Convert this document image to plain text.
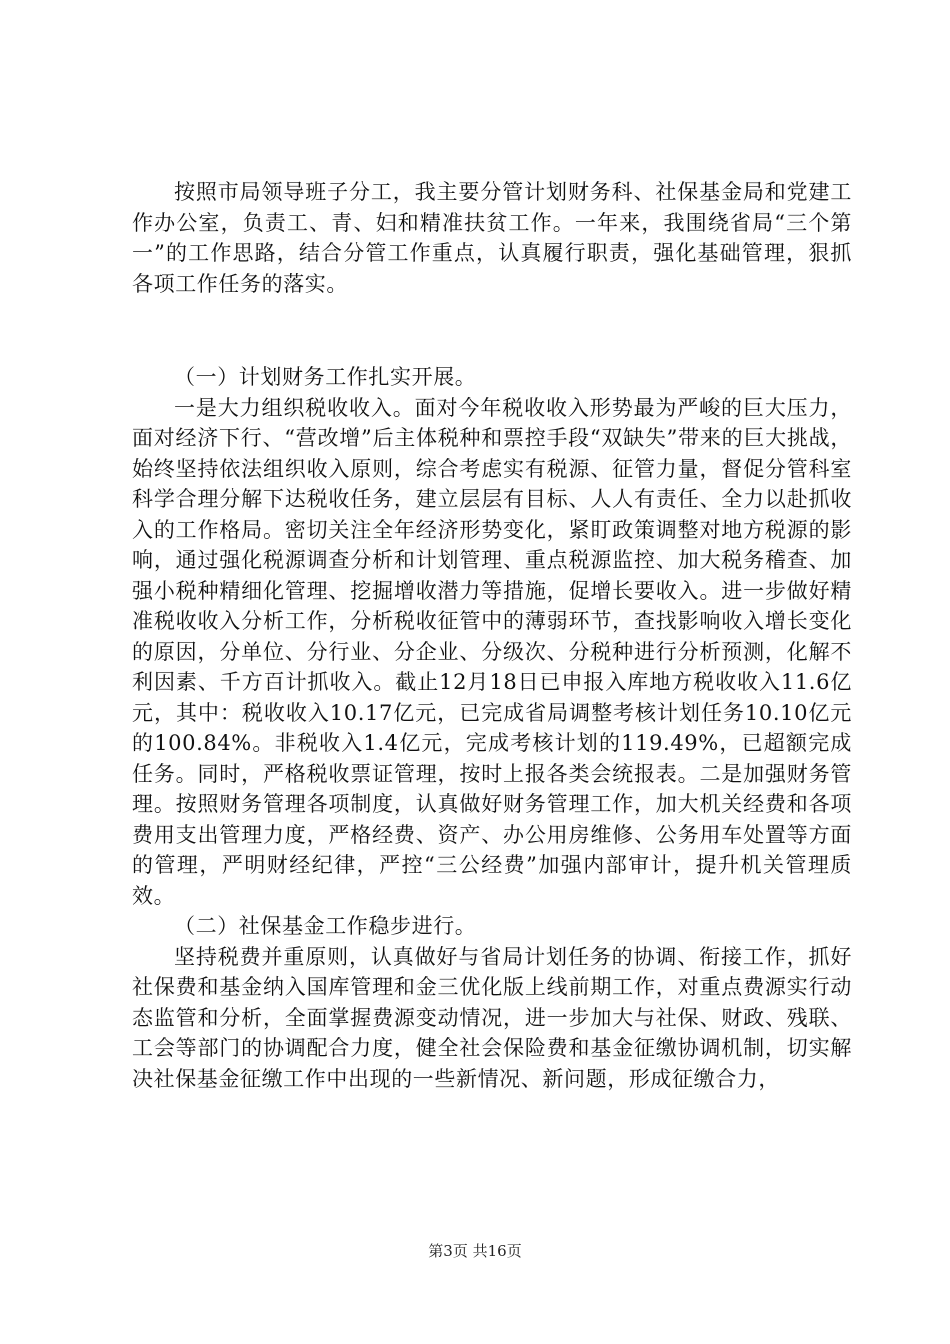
按照市局领导班子分工，我主要分管计划财务科、社保基金局和党建工作办公室，负责工、青、妇和精准扶贫工作。一年来，我围绕省局“三个第一”的工作思路，结合分管工作重点，认真履行职责，强化基础管理，狠抓各项工作任务的落实。

（一）计划财务工作扎实开展。

一是大力组织税收收入。面对今年税收收入形势最为严峻的巨大压力，面对经济下行、“营改增”后主体税种和票控手段“双缺失”带来的巨大挑战，始终坚持依法组织收入原则，综合考虑实有税源、征管力量，督促分管科室科学合理分解下达税收任务，建立层层有目标、人人有责任、全力以赴抓收入的工作格局。密切关注全年经济形势变化，紧盯政策调整对地方税源的影响，通过强化税源调查分析和计划管理、重点税源监控、加大税务稽查、加强小税种精细化管理、挖掘增收潜力等措施，促增长要收入。进一步做好精准税收收入分析工作，分析税收征管中的薄弱环节，查找影响收入增长变化的原因，分单位、分行业、分企业、分级次、分税种进行分析预测，化解不利因素、千方百计抓收入。截止12月18日已申报入库地方税收收入11.6亿元，其中：税收收入10.17亿元，已完成省局调整考核计划任务10.10亿元的100.84%。非税收入1.4亿元，完成考核计划的119.49%，已超额完成任务。同时，严格税收票证管理，按时上报各类会统报表。二是加强财务管理。按照财务管理各项制度，认真做好财务管理工作，加大机关经费和各项费用支出管理力度，严格经费、资产、办公用房维修、公务用车处置等方面的管理，严明财经纪律，严控“三公经费”加强内部审计，提升机关管理质效。

（二）社保基金工作稳步进行。

坚持税费并重原则，认真做好与省局计划任务的协调、衔接工作，抓好社保费和基金纳入国库管理和金三优化版上线前期工作，对重点费源实行动态监管和分析，全面掌握费源变动情况，进一步加大与社保、财政、残联、工会等部门的协调配合力度，健全社会保险费和基金征缴协调机制，切实解决社保基金征缴工作中出现的一些新情况、新问题，形成征缴合力，

第3页 共16页
